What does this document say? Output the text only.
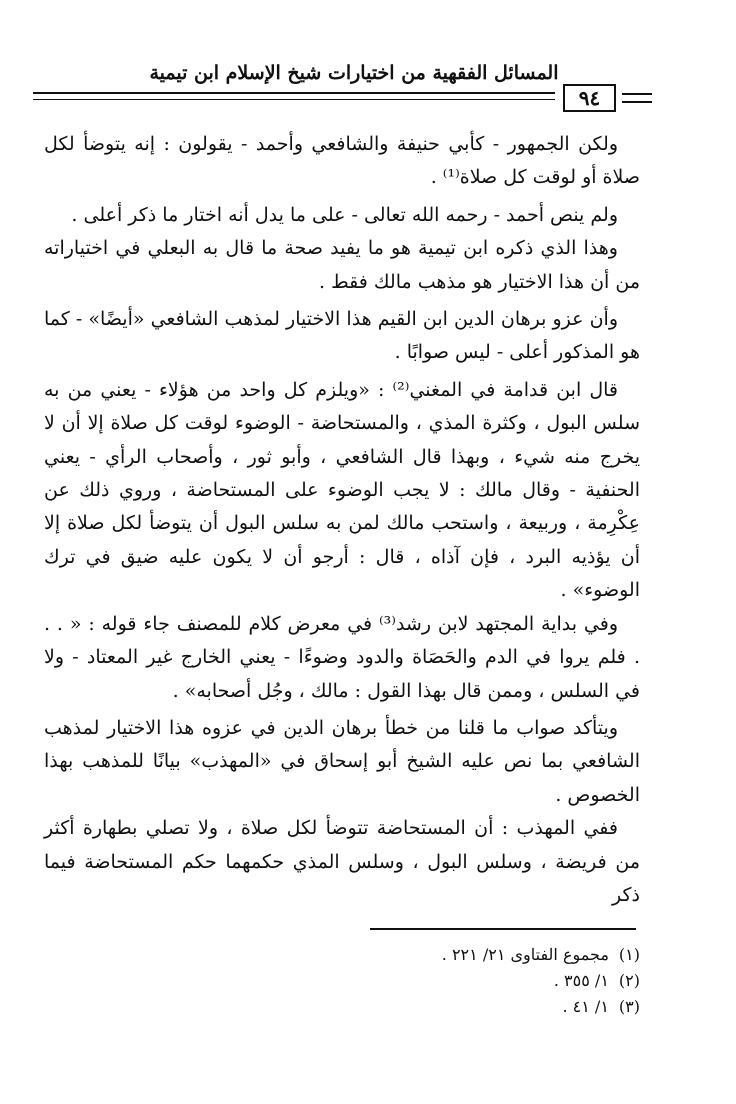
المسائل الفقهية من اختيارات شيخ الإسلام ابن تيمية
٩٤

ولكن الجمهور - كأبي حنيفة والشافعي وأحمد - يقولون : إنه يتوضأ لكل صلاة أو لوقت كل صلاة⁽¹⁾ .

ولم ينص أحمد - رحمه الله تعالى - على ما يدل أنه اختار ما ذكر أعلى .

وهذا الذي ذكره ابن تيمية هو ما يفيد صحة ما قال به البعلي في اختياراته من أن هذا الاختيار هو مذهب مالك فقط .

وأن عزو برهان الدين ابن القيم هذا الاختيار لمذهب الشافعي «أيضًا» - كما هو المذكور أعلى - ليس صوابًا .

قال ابن قدامة في المغني⁽²⁾ : «ويلزم كل واحد من هؤلاء - يعني من به سلس البول ، وكثرة المذي ، والمستحاضة - الوضوء لوقت كل صلاة إلا أن لا يخرج منه شيء ، وبهذا قال الشافعي ، وأبو ثور ، وأصحاب الرأي - يعني الحنفية - وقال مالك : لا يجب الوضوء على المستحاضة ، وروي ذلك عن عِكْرِمة ، وربيعة ، واستحب مالك لمن به سلس البول أن يتوضأ لكل صلاة إلا أن يؤذيه البرد ، فإن آذاه ، قال : أرجو أن لا يكون عليه ضيق في ترك الوضوء» .

وفي بداية المجتهد لابن رشد⁽³⁾ في معرض كلام للمصنف جاء قوله : « . . . فلم يروا في الدم والحَصَاة والدود وضوءًا - يعني الخارج غير المعتاد - ولا في السلس ، وممن قال بهذا القول : مالك ، وجُل أصحابه» .

ويتأكد صواب ما قلنا من خطأ برهان الدين في عزوه هذا الاختيار لمذهب الشافعي بما نص عليه الشيخ أبو إسحاق في «المهذب» بيانًا للمذهب بهذا الخصوص .

ففي المهذب : أن المستحاضة تتوضأ لكل صلاة ، ولا تصلي بطهارة أكثر من فريضة ، وسلس البول ، وسلس المذي حكمهما حكم المستحاضة فيما ذكر

(١)مجموع الفتاوى ٢١/ ٢٢١ .
(٢)١/ ٣٥٥ .
(٣)١/ ٤١ .
